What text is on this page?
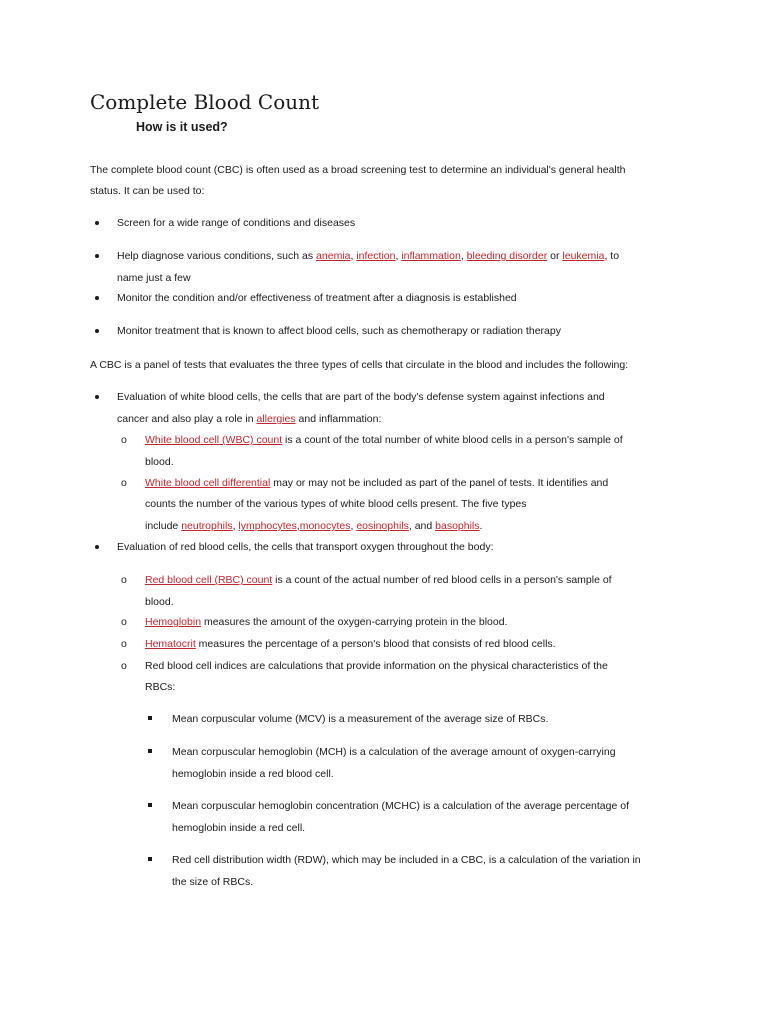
Complete Blood Count
How is it used?
The complete blood count (CBC) is often used as a broad screening test to determine an individual's general health
status. It can be used to:
Screen for a wide range of conditions and diseases
Help diagnose various conditions, such as anemia, infection, inflammation, bleeding disorder or leukemia, to
name just a few
Monitor the condition and/or effectiveness of treatment after a diagnosis is established
Monitor treatment that is known to affect blood cells, such as chemotherapy or radiation therapy
A CBC is a panel of tests that evaluates the three types of cells that circulate in the blood and includes the following:
Evaluation of white blood cells, the cells that are part of the body's defense system against infections and
cancer and also play a role in allergies and inflammation:
o White blood cell (WBC) count is a count of the total number of white blood cells in a person's sample of
blood.
o White blood cell differential may or may not be included as part of the panel of tests. It identifies and
counts the number of the various types of white blood cells present. The five types
include neutrophils, lymphocytes,monocytes, eosinophils, and basophils.
Evaluation of red blood cells, the cells that transport oxygen throughout the body:
o Red blood cell (RBC) count is a count of the actual number of red blood cells in a person's sample of
blood.
o Hemoglobin measures the amount of the oxygen-carrying protein in the blood.
o Hematocrit measures the percentage of a person's blood that consists of red blood cells.
o Red blood cell indices are calculations that provide information on the physical characteristics of the
RBCs:
Mean corpuscular volume (MCV) is a measurement of the average size of RBCs.
Mean corpuscular hemoglobin (MCH) is a calculation of the average amount of oxygen-carrying
hemoglobin inside a red blood cell.
Mean corpuscular hemoglobin concentration (MCHC) is a calculation of the average percentage of
hemoglobin inside a red cell.
Red cell distribution width (RDW), which may be included in a CBC, is a calculation of the variation in
the size of RBCs.
